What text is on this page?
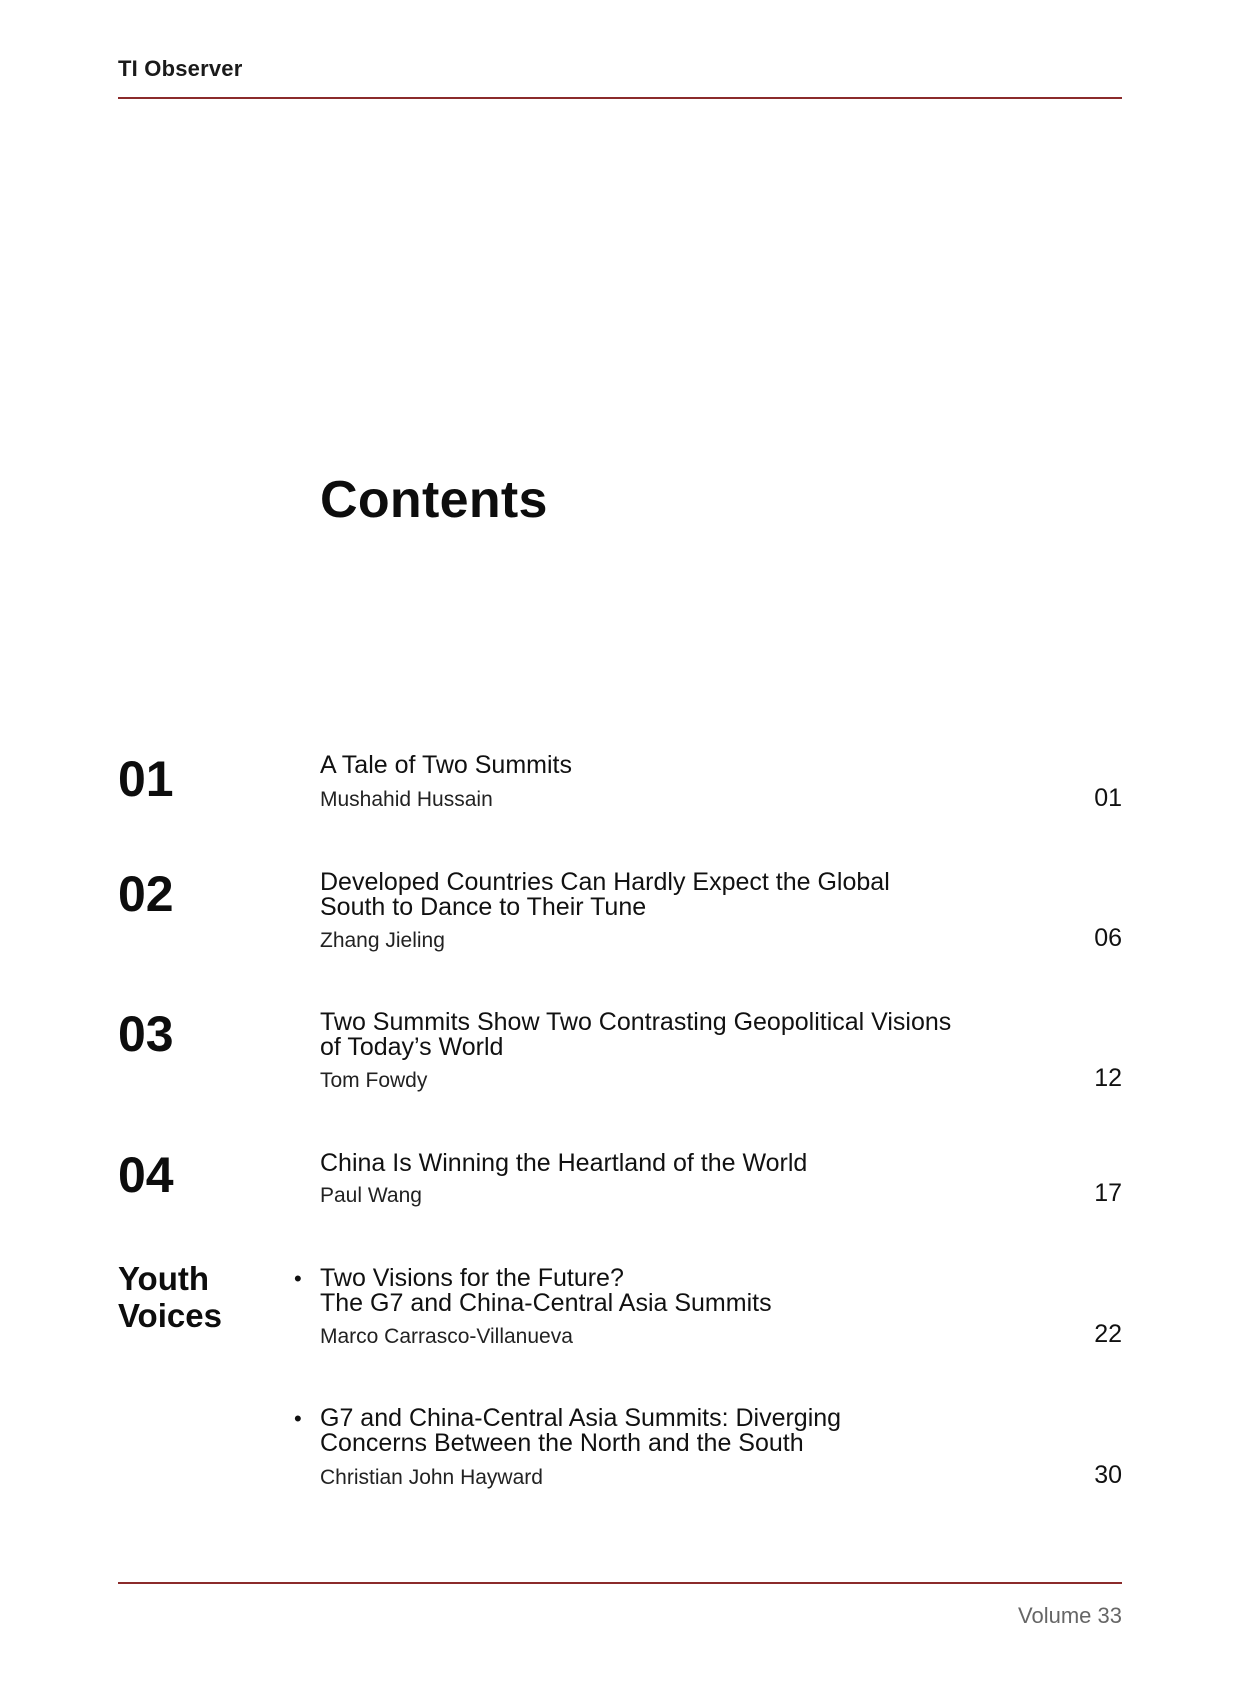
TI Observer
Contents
01	A Tale of Two Summits
Mushahid Hussain	01
02	Developed Countries Can Hardly Expect the Global
South to Dance to Their Tune
Zhang Jieling	06
03	Two Summits Show Two Contrasting Geopolitical Visions
of Today’s World
Tom Fowdy	12
04	China Is Winning the Heartland of the World
Paul Wang	17
Youth
Voices
• Two Visions for the Future?
The G7 and China-Central Asia Summits
Marco Carrasco-Villanueva	22
• G7 and China-Central Asia Summits: Diverging
Concerns Between the North and the South
Christian John Hayward	30
Volume 33
